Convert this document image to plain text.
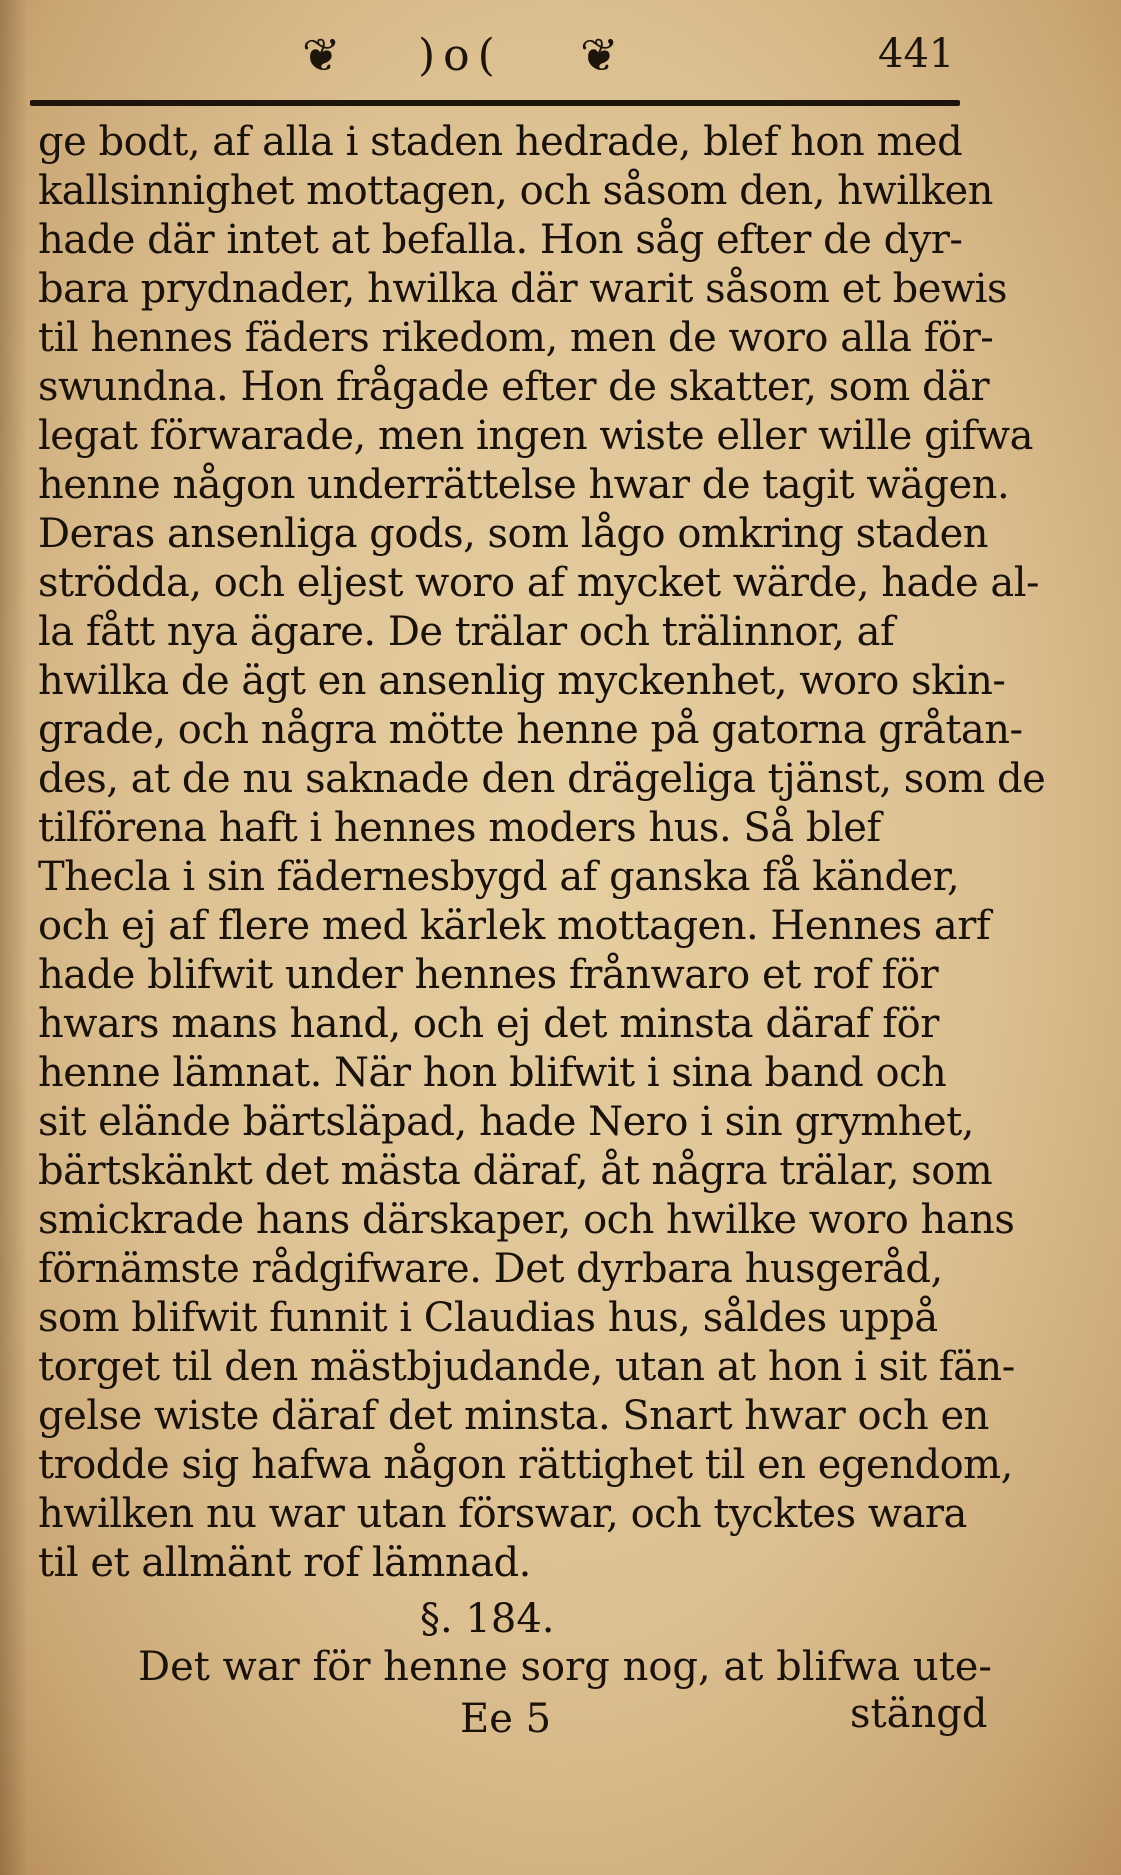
❦ )o( ❦	441
ge bodt, af alla i staden hedrade, blef hon med
kallsinnighet mottagen, och såsom den, hwilken
hade där intet at befalla. Hon såg efter de dyr-
bara prydnader, hwilka där warit såsom et bewis
til hennes fäders rikedom, men de woro alla för-
swundna. Hon frågade efter de skatter, som där
legat förwarade, men ingen wiste eller wille gifwa
henne någon underrättelse hwar de tagit wägen.
Deras ansenliga gods, som lågo omkring staden
strödda, och eljest woro af mycket wärde, hade al-
la fått nya ägare. De trälar och trälinnor, af
hwilka de ägt en ansenlig myckenhet, woro skin-
grade, och några mötte henne på gatorna gråtan-
des, at de nu saknade den drägeliga tjänst, som de
tilförena haft i hennes moders hus. Så blef
Thecla i sin fädernesbygd af ganska få känder,
och ej af flere med kärlek mottagen. Hennes arf
hade blifwit under hennes frånwaro et rof för
hwars mans hand, och ej det minsta däraf för
henne lämnat. När hon blifwit i sina band och
sit elände bärtsläpad, hade Nero i sin grymhet,
bärtskänkt det mästa däraf, åt några trälar, som
smickrade hans därskaper, och hwilke woro hans
förnämste rådgifware. Det dyrbara husgeråd,
som blifwit funnit i Claudias hus, såldes uppå
torget til den mästbjudande, utan at hon i sit fän-
gelse wiste däraf det minsta. Snart hwar och en
trodde sig hafwa någon rättighet til en egendom,
hwilken nu war utan förswar, och tycktes wara
til et allmänt rof lämnad.
§. 184.
Det war för henne sorg nog, at blifwa ute-
Ee 5	stängd
